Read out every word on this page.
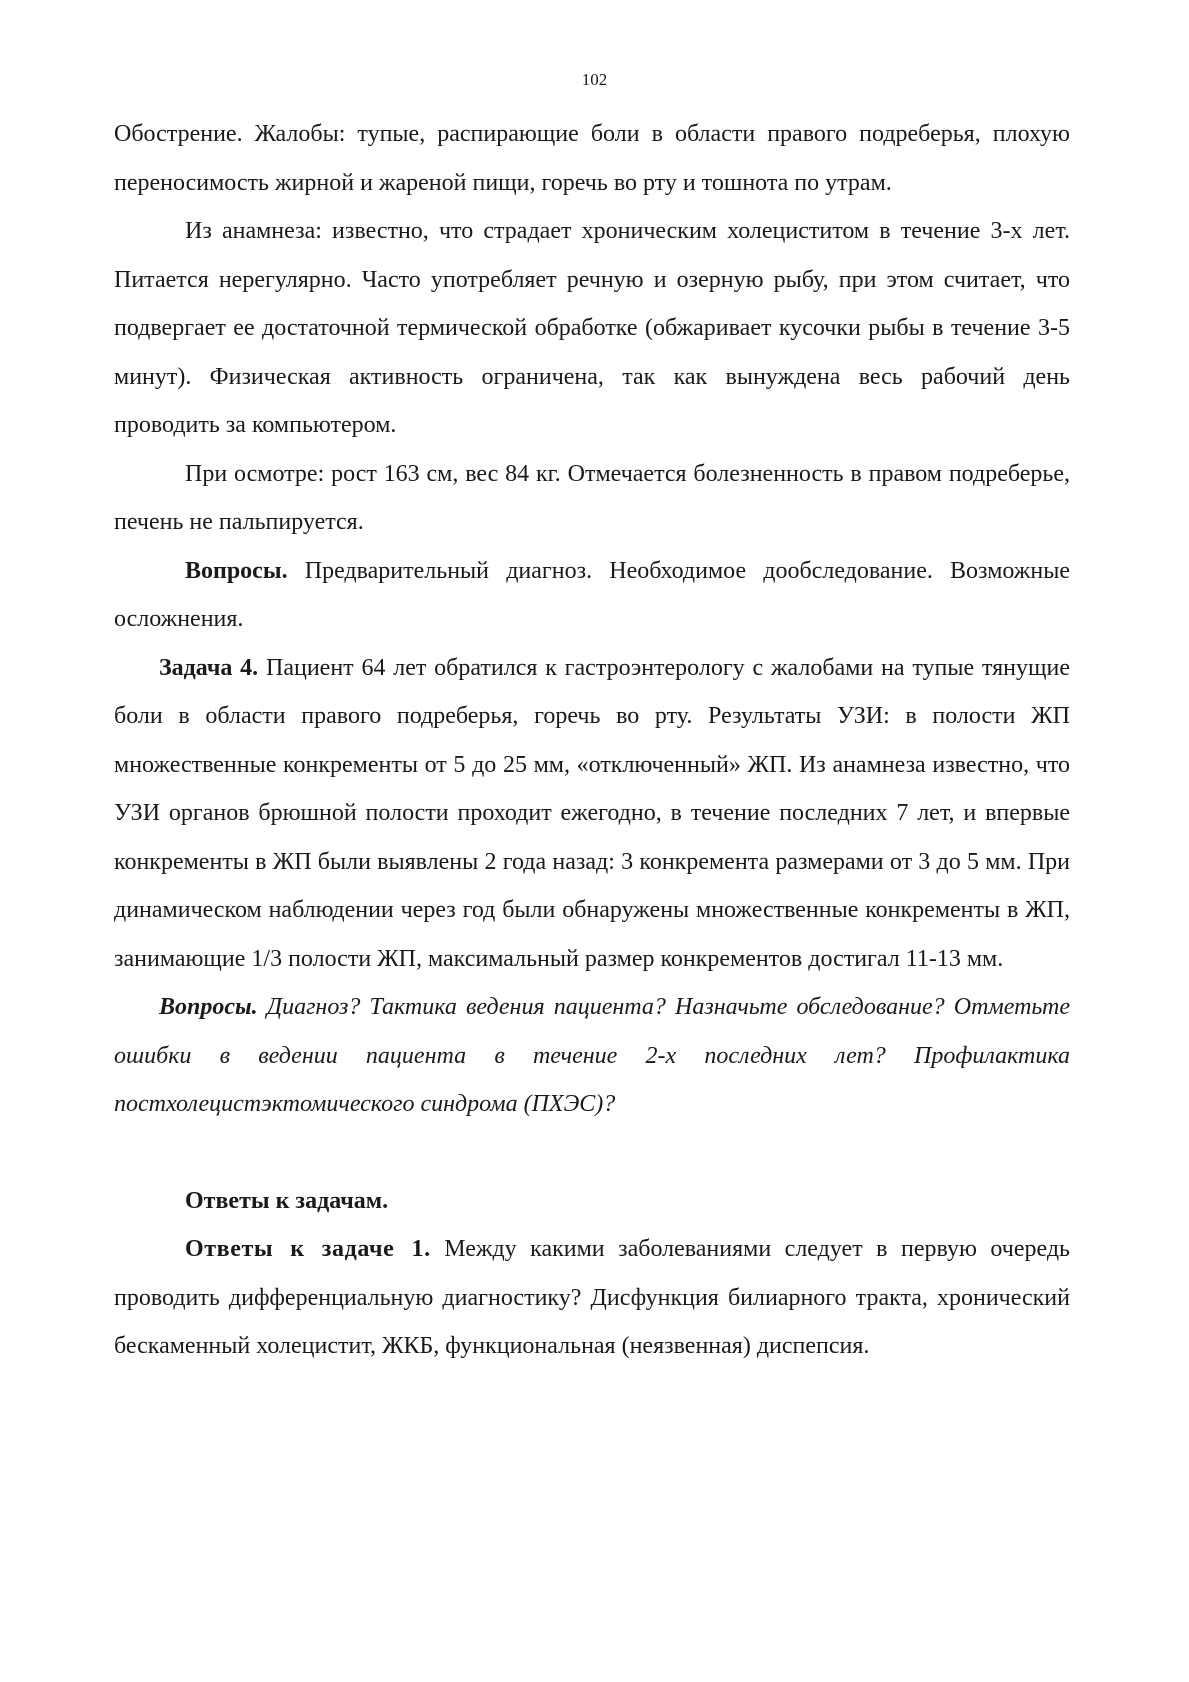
102

Обострение. Жалобы: тупые, распирающие боли в области правого подреберья, плохую переносимость жирной и жареной пищи, горечь во рту и тошнота по утрам.

Из анамнеза: известно, что страдает хроническим холециститом в течение 3-х лет. Питается нерегулярно. Часто употребляет речную и озерную рыбу, при этом считает, что подвергает ее достаточной термической обработке (обжаривает кусочки рыбы в течение 3-5 минут). Физическая активность ограничена, так как вынуждена весь рабочий день проводить за компьютером.

При осмотре: рост 163 см, вес 84 кг. Отмечается болезненность в правом подреберье, печень не пальпируется.

Вопросы. Предварительный диагноз. Необходимое дообследование. Возможные осложнения.

Задача 4. Пациент 64 лет обратился к гастроэнтерологу с жалобами на тупые тянущие боли в области правого подреберья, горечь во рту. Результаты УЗИ: в полости ЖП множественные конкременты от 5 до 25 мм, «отключенный» ЖП. Из анамнеза известно, что УЗИ органов брюшной полости проходит ежегодно, в течение последних 7 лет, и впервые конкременты в ЖП были выявлены 2 года назад: 3 конкремента размерами от 3 до 5 мм. При динамическом наблюдении через год были обнаружены множественные конкременты в ЖП, занимающие 1/3 полости ЖП, максимальный размер конкрементов достигал 11-13 мм.

Вопросы. Диагноз? Тактика ведения пациента? Назначьте обследование? Отметьте ошибки в ведении пациента в течение 2-х последних лет? Профилактика постхолецистэктомического синдрома (ПХЭС)?

Ответы к задачам.

Ответы к задаче 1. Между какими заболеваниями следует в первую очередь проводить дифференциальную диагностику? Дисфункция билиарного тракта, хронический бескаменный холецистит, ЖКБ, функциональная (неязвенная) диспепсия.
